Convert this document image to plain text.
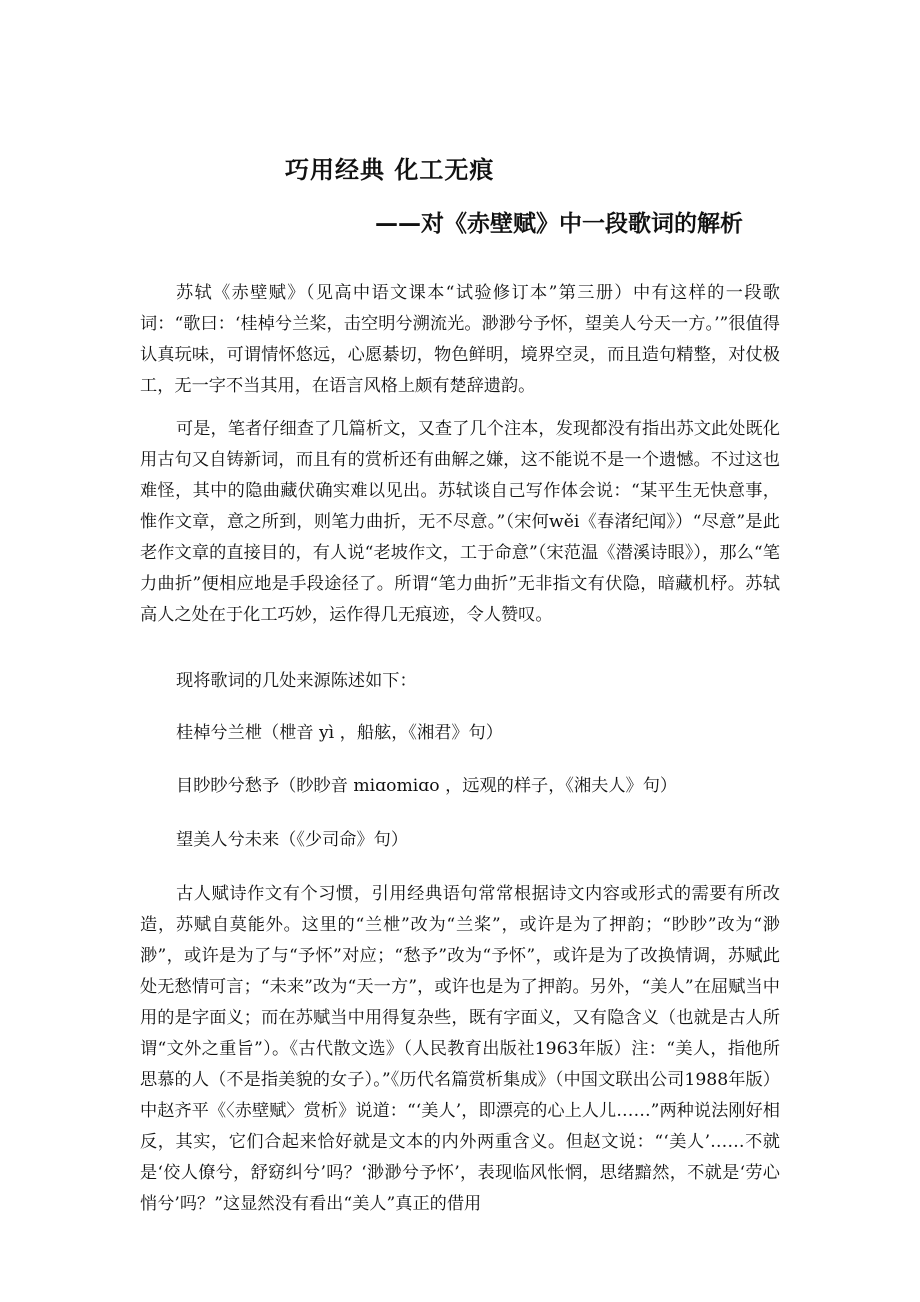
巧用经典 化工无痕
——对《赤壁赋》中一段歌词的解析

苏轼《赤壁赋》（见高中语文课本“试验修订本”第三册）中有这样的一段歌词：“歌曰：‘桂棹兮兰桨，击空明兮溯流光。渺渺兮予怀，望美人兮天一方。’”很值得认真玩味，可谓情怀悠远，心愿綦切，物色鲜明，境界空灵，而且造句精整，对仗极工，无一字不当其用，在语言风格上颇有楚辞遗韵。

可是，笔者仔细查了几篇析文，又查了几个注本，发现都没有指出苏文此处既化用古句又自铸新词，而且有的赏析还有曲解之嫌，这不能说不是一个遗憾。不过这也难怪，其中的隐曲藏伏确实难以见出。苏轼谈自己写作体会说：“某平生无快意事，惟作文章，意之所到，则笔力曲折，无不尽意。”（宋何wěi《春渚纪闻》）“尽意”是此老作文章的直接目的，有人说“老坡作文，工于命意”（宋范温《潜溪诗眼》），那么“笔力曲折”便相应地是手段途径了。所谓“笔力曲折”无非指文有伏隐，暗藏机杼。苏轼高人之处在于化工巧妙，运作得几无痕迹，令人赞叹。

现将歌词的几处来源陈述如下：

桂棹兮兰枻（枻音 yì ，船舷，《湘君》句）

目眇眇兮愁予（眇眇音 miɑomiɑo ，远观的样子，《湘夫人》句）

望美人兮未来（《少司命》句）

古人赋诗作文有个习惯，引用经典语句常常根据诗文内容或形式的需要有所改造，苏赋自莫能外。这里的“兰枻”改为“兰桨”，或许是为了押韵；“眇眇”改为“渺渺”，或许是为了与“予怀”对应；“愁予”改为“予怀”，或许是为了改换情调，苏赋此处无愁情可言；“未来”改为“天一方”，或许也是为了押韵。另外，“美人”在屈赋当中用的是字面义；而在苏赋当中用得复杂些，既有字面义，又有隐含义（也就是古人所谓“文外之重旨”）。《古代散文选》（人民教育出版社1963年版）注：“美人，指他所思慕的人（不是指美貌的女子）。”《历代名篇赏析集成》（中国文联出公司1988年版）中赵齐平《〈赤壁赋〉赏析》说道：“‘美人’，即漂亮的心上人儿……”两种说法刚好相反，其实，它们合起来恰好就是文本的内外两重含义。但赵文说：“‘美人’……不就是‘佼人僚兮，舒窈纠兮’吗？‘渺渺兮予怀’，表现临风怅惘，思绪黯然，不就是‘劳心悄兮’吗？”这显然没有看出“美人”真正的借用
